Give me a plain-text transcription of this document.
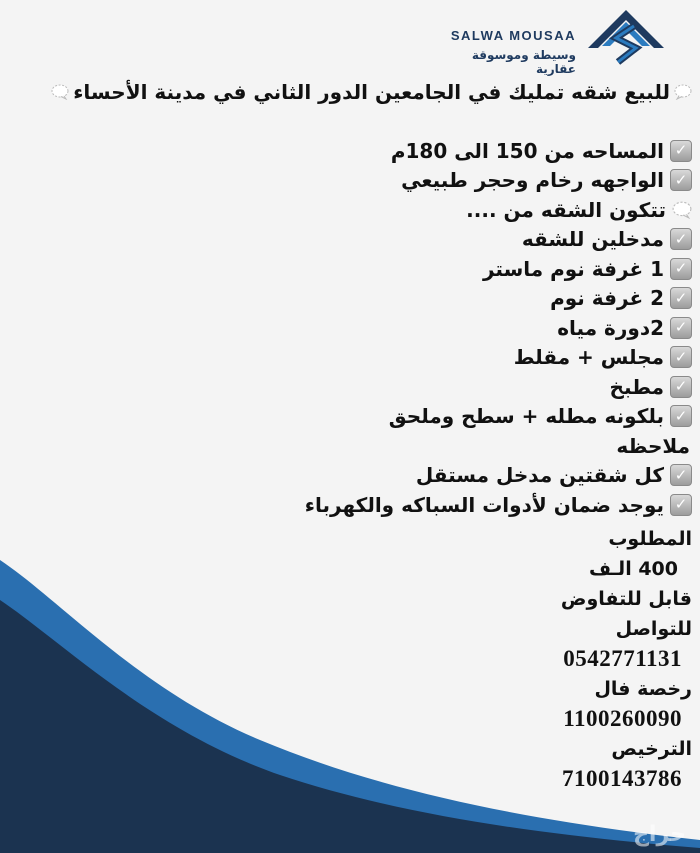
SALWA MOUSAA
وسيطة وموسوقة عقارية
للبيع شقه تمليك في الجامعين الدور الثاني في مدينة الأحساء
✓
المساحه من 150 الى 180م
✓
الواجهه رخام وحجر طبيعي
تتكون الشقه من ....
✓
مدخلين للشقه
✓
1 غرفة نوم ماستر
✓
2 غرفة نوم
✓
2دورة مياه
✓
مجلس + مقلط
✓
مطبخ
✓
بلكونه مطله + سطح وملحق
ملاحظه
✓
كل شقتين مدخل مستقل
✓
يوجد ضمان لأدوات السباكه والكهرباء
المطلوب
400 الـف
قابل للتفاوض
للتواصل
0542771131
رخصة فال
1100260090
الترخيص
7100143786
حراج
